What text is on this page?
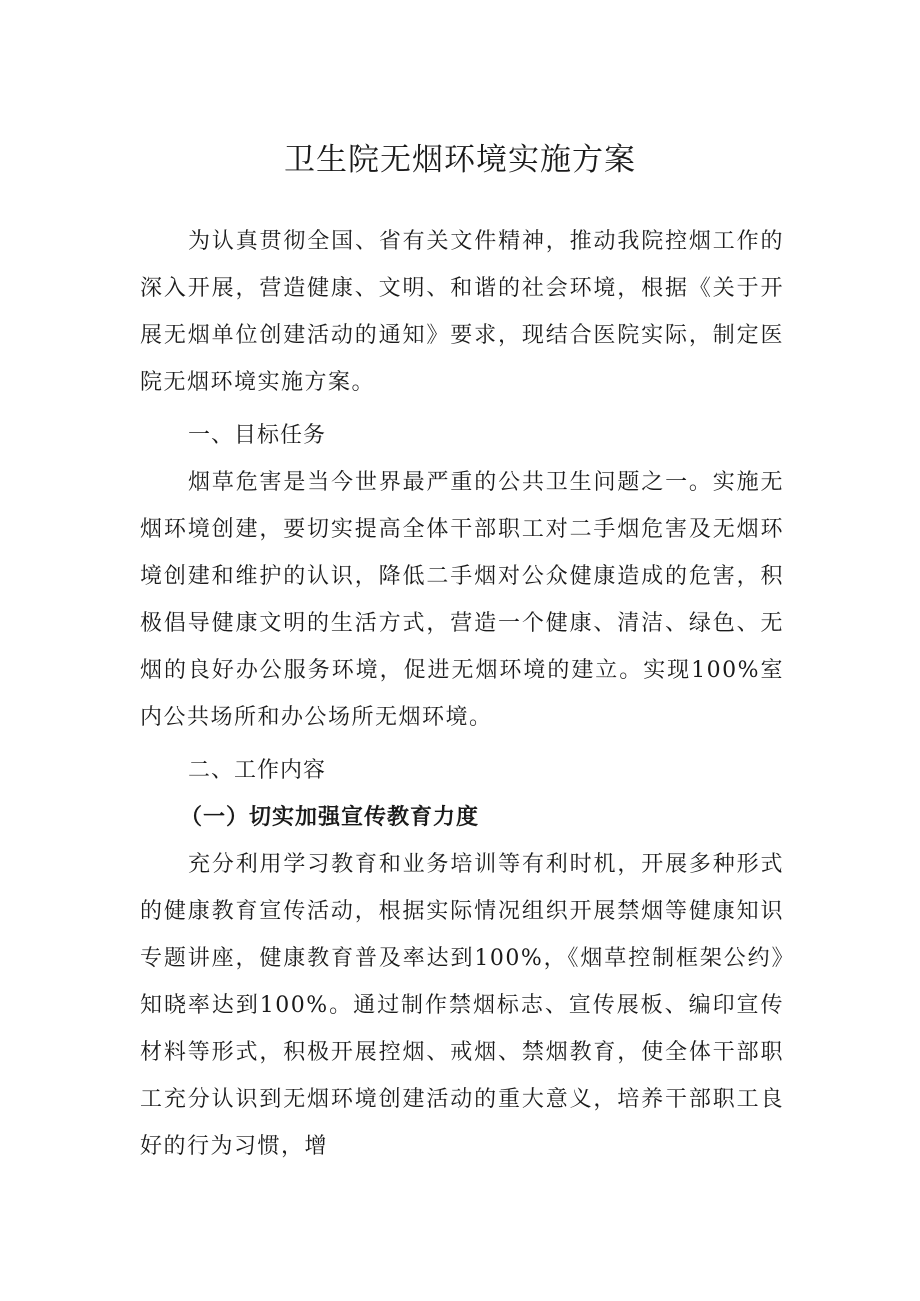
卫生院无烟环境实施方案

为认真贯彻全国、省有关文件精神，推动我院控烟工作的深入开展，营造健康、文明、和谐的社会环境，根据《关于开展无烟单位创建活动的通知》要求，现结合医院实际，制定医院无烟环境实施方案。

一、目标任务

烟草危害是当今世界最严重的公共卫生问题之一。实施无烟环境创建，要切实提高全体干部职工对二手烟危害及无烟环境创建和维护的认识，降低二手烟对公众健康造成的危害，积极倡导健康文明的生活方式，营造一个健康、清洁、绿色、无烟的良好办公服务环境，促进无烟环境的建立。实现100%室内公共场所和办公场所无烟环境。

二、工作内容

（一）切实加强宣传教育力度

充分利用学习教育和业务培训等有利时机，开展多种形式的健康教育宣传活动，根据实际情况组织开展禁烟等健康知识专题讲座，健康教育普及率达到100%，《烟草控制框架公约》知晓率达到100%。通过制作禁烟标志、宣传展板、编印宣传材料等形式，积极开展控烟、戒烟、禁烟教育，使全体干部职工充分认识到无烟环境创建活动的重大意义，培养干部职工良好的行为习惯，增
